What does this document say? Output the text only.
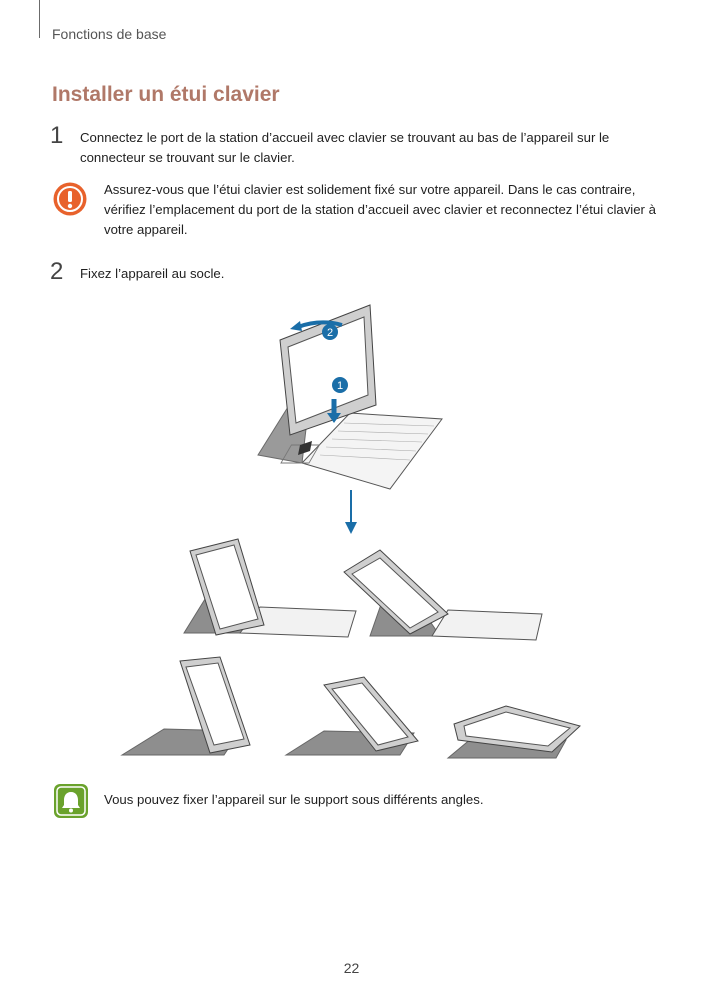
Fonctions de base
Installer un étui clavier
1 Connectez le port de la station d’accueil avec clavier se trouvant au bas de l’appareil sur le connecteur se trouvant sur le clavier.
Assurez-vous que l’étui clavier est solidement fixé sur votre appareil. Dans le cas contraire, vérifiez l’emplacement du port de la station d’accueil avec clavier et reconnectez l’étui clavier à votre appareil.
2 Fixez l’appareil au socle.
2
1
Vous pouvez fixer l’appareil sur le support sous différents angles.
22
